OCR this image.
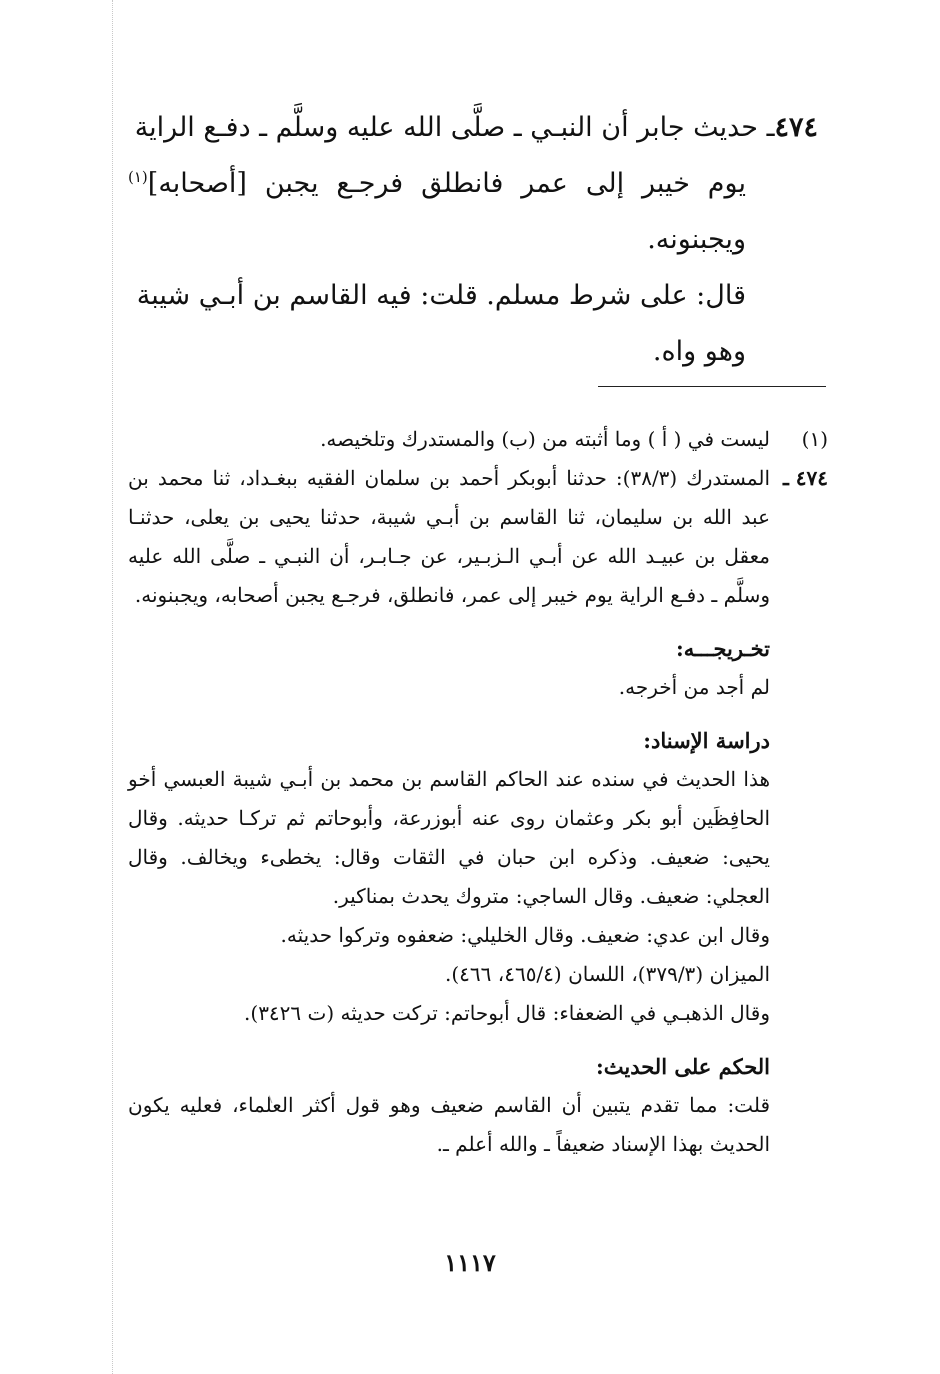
٤٧٤ـ حديث جابر أن النبـي ـ صلَّى الله عليه وسلَّم ـ دفـع الراية
يوم خيبر إلى عمر فانطلق فرجـع يجبن [أصحابه]$^{(١)}$ ويجبنونه.
قال: على شرط مسلم. قلت: فيه القاسم بن أبـي شيبة
وهو واه.
(١)
ليست في ( أ ) وما أثبته من (ب) والمستدرك وتلخيصه.
٤٧٤ ـ
المستدرك (٣٨/٣): حدثنا أبوبكر أحمد بن سلمان الفقيه ببغـداد، ثنا محمد بن عبد الله بن سليمان، ثنا القاسم بن أبـي شيبة، حدثنا يحيى بن يعلى، حدثنـا معقل بن عبيـد الله عن أبـي الـزبـير، عن جـابـر، أن النبـي ـ صلَّى الله عليه وسلَّم ـ دفـع الراية يوم خيبر إلى عمر، فانطلق، فرجـع يجبن أصحابه، ويجبنونه.
تخـريجـــه:
لم أجد من أخرجه.
دراسة الإسناد:
هذا الحديث في سنده عند الحاكم القاسم بن محمد بن أبـي شيبة العبسي أخو الحافِظَين أبو بكر وعثمان روى عنه أبوزرعة، وأبوحاتم ثم تركـا حديثه. وقال يحيى: ضعيف. وذكره ابن حبان في الثقات وقال: يخطىء ويخالف. وقال العجلي: ضعيف. وقال الساجي: متروك يحدث بمناكير.
وقال ابن عدي: ضعيف. وقال الخليلي: ضعفوه وتركوا حديثه.
الميزان (٣٧٩/٣)، اللسان (٤٦٥/٤، ٤٦٦).
وقال الذهبـي في الضعفاء: قال أبوحاتم: تركت حديثه (ت ٣٤٢٦).
الحكم على الحديث:
قلت: مما تقدم يتبين أن القاسم ضعيف وهو قول أكثر العلماء، فعليه يكون الحديث بهذا الإسناد ضعيفاً ـ والله أعلم ـ.
١١١٧
